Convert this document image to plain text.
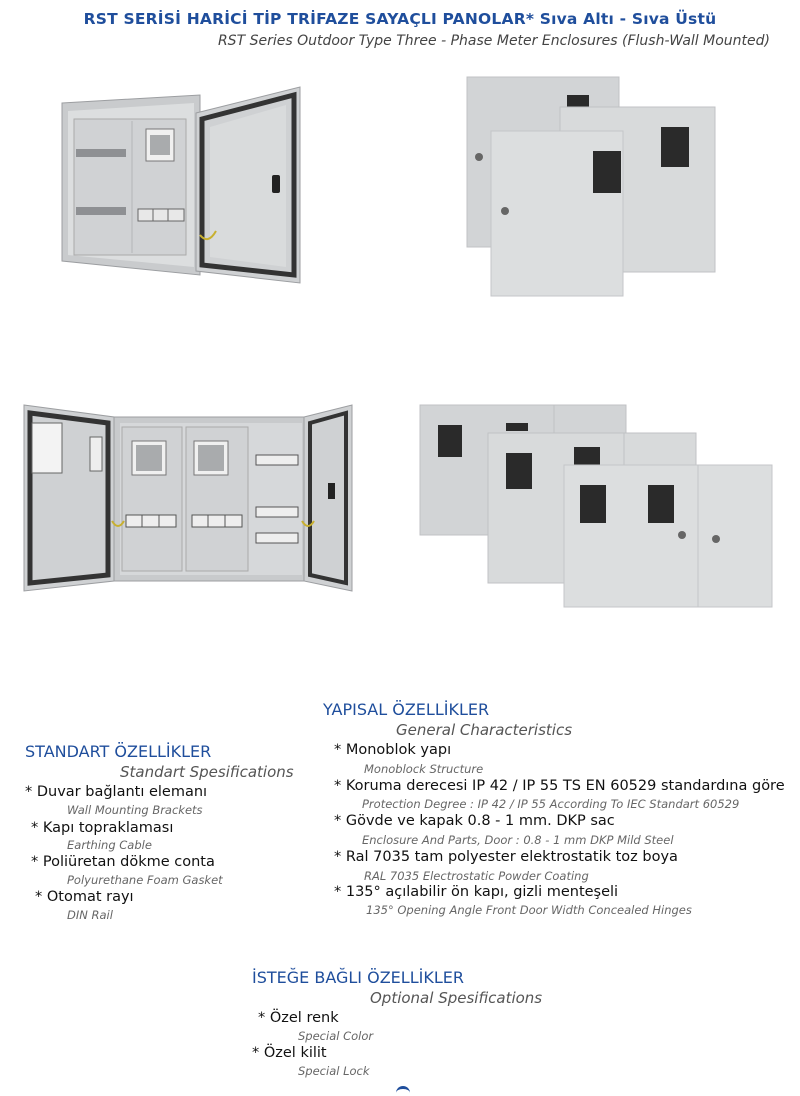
RST SERİSİ HARİCİ TİP TRİFAZE SAYAÇLI PANOLAR* Sıva Altı - Sıva Üstü
RST Series Outdoor Type Three - Phase Meter Enclosures (Flush-Wall Mounted)
YAPISAL ÖZELLİKLER
General Characteristics
* Monoblok yapı
Monoblock Structure
* Koruma derecesi IP 42 / IP 55 TS EN 60529 standardına göre
Protection Degree : IP 42 / IP 55 According To IEC Standart 60529
* Gövde ve kapak 0.8 - 1 mm. DKP sac
Enclosure And Parts, Door : 0.8 - 1 mm DKP Mild Steel
* Ral 7035 tam polyester elektrostatik toz boya
RAL 7035 Electrostatic Powder Coating
* 135° açılabilir ön kapı, gizli menteşeli
135° Opening Angle Front Door Width Concealed Hinges
STANDART ÖZELLİKLER
Standart Spesifications
* Duvar bağlantı elemanı
Wall Mounting Brackets
* Kapı topraklaması
Earthing Cable
* Poliüretan dökme conta
Polyurethane Foam Gasket
* Otomat rayı
DIN Rail
İSTEĞE BAĞLI ÖZELLİKLER
Optional Spesifications
* Özel renk
Special Color
* Özel kilit
Special Lock
